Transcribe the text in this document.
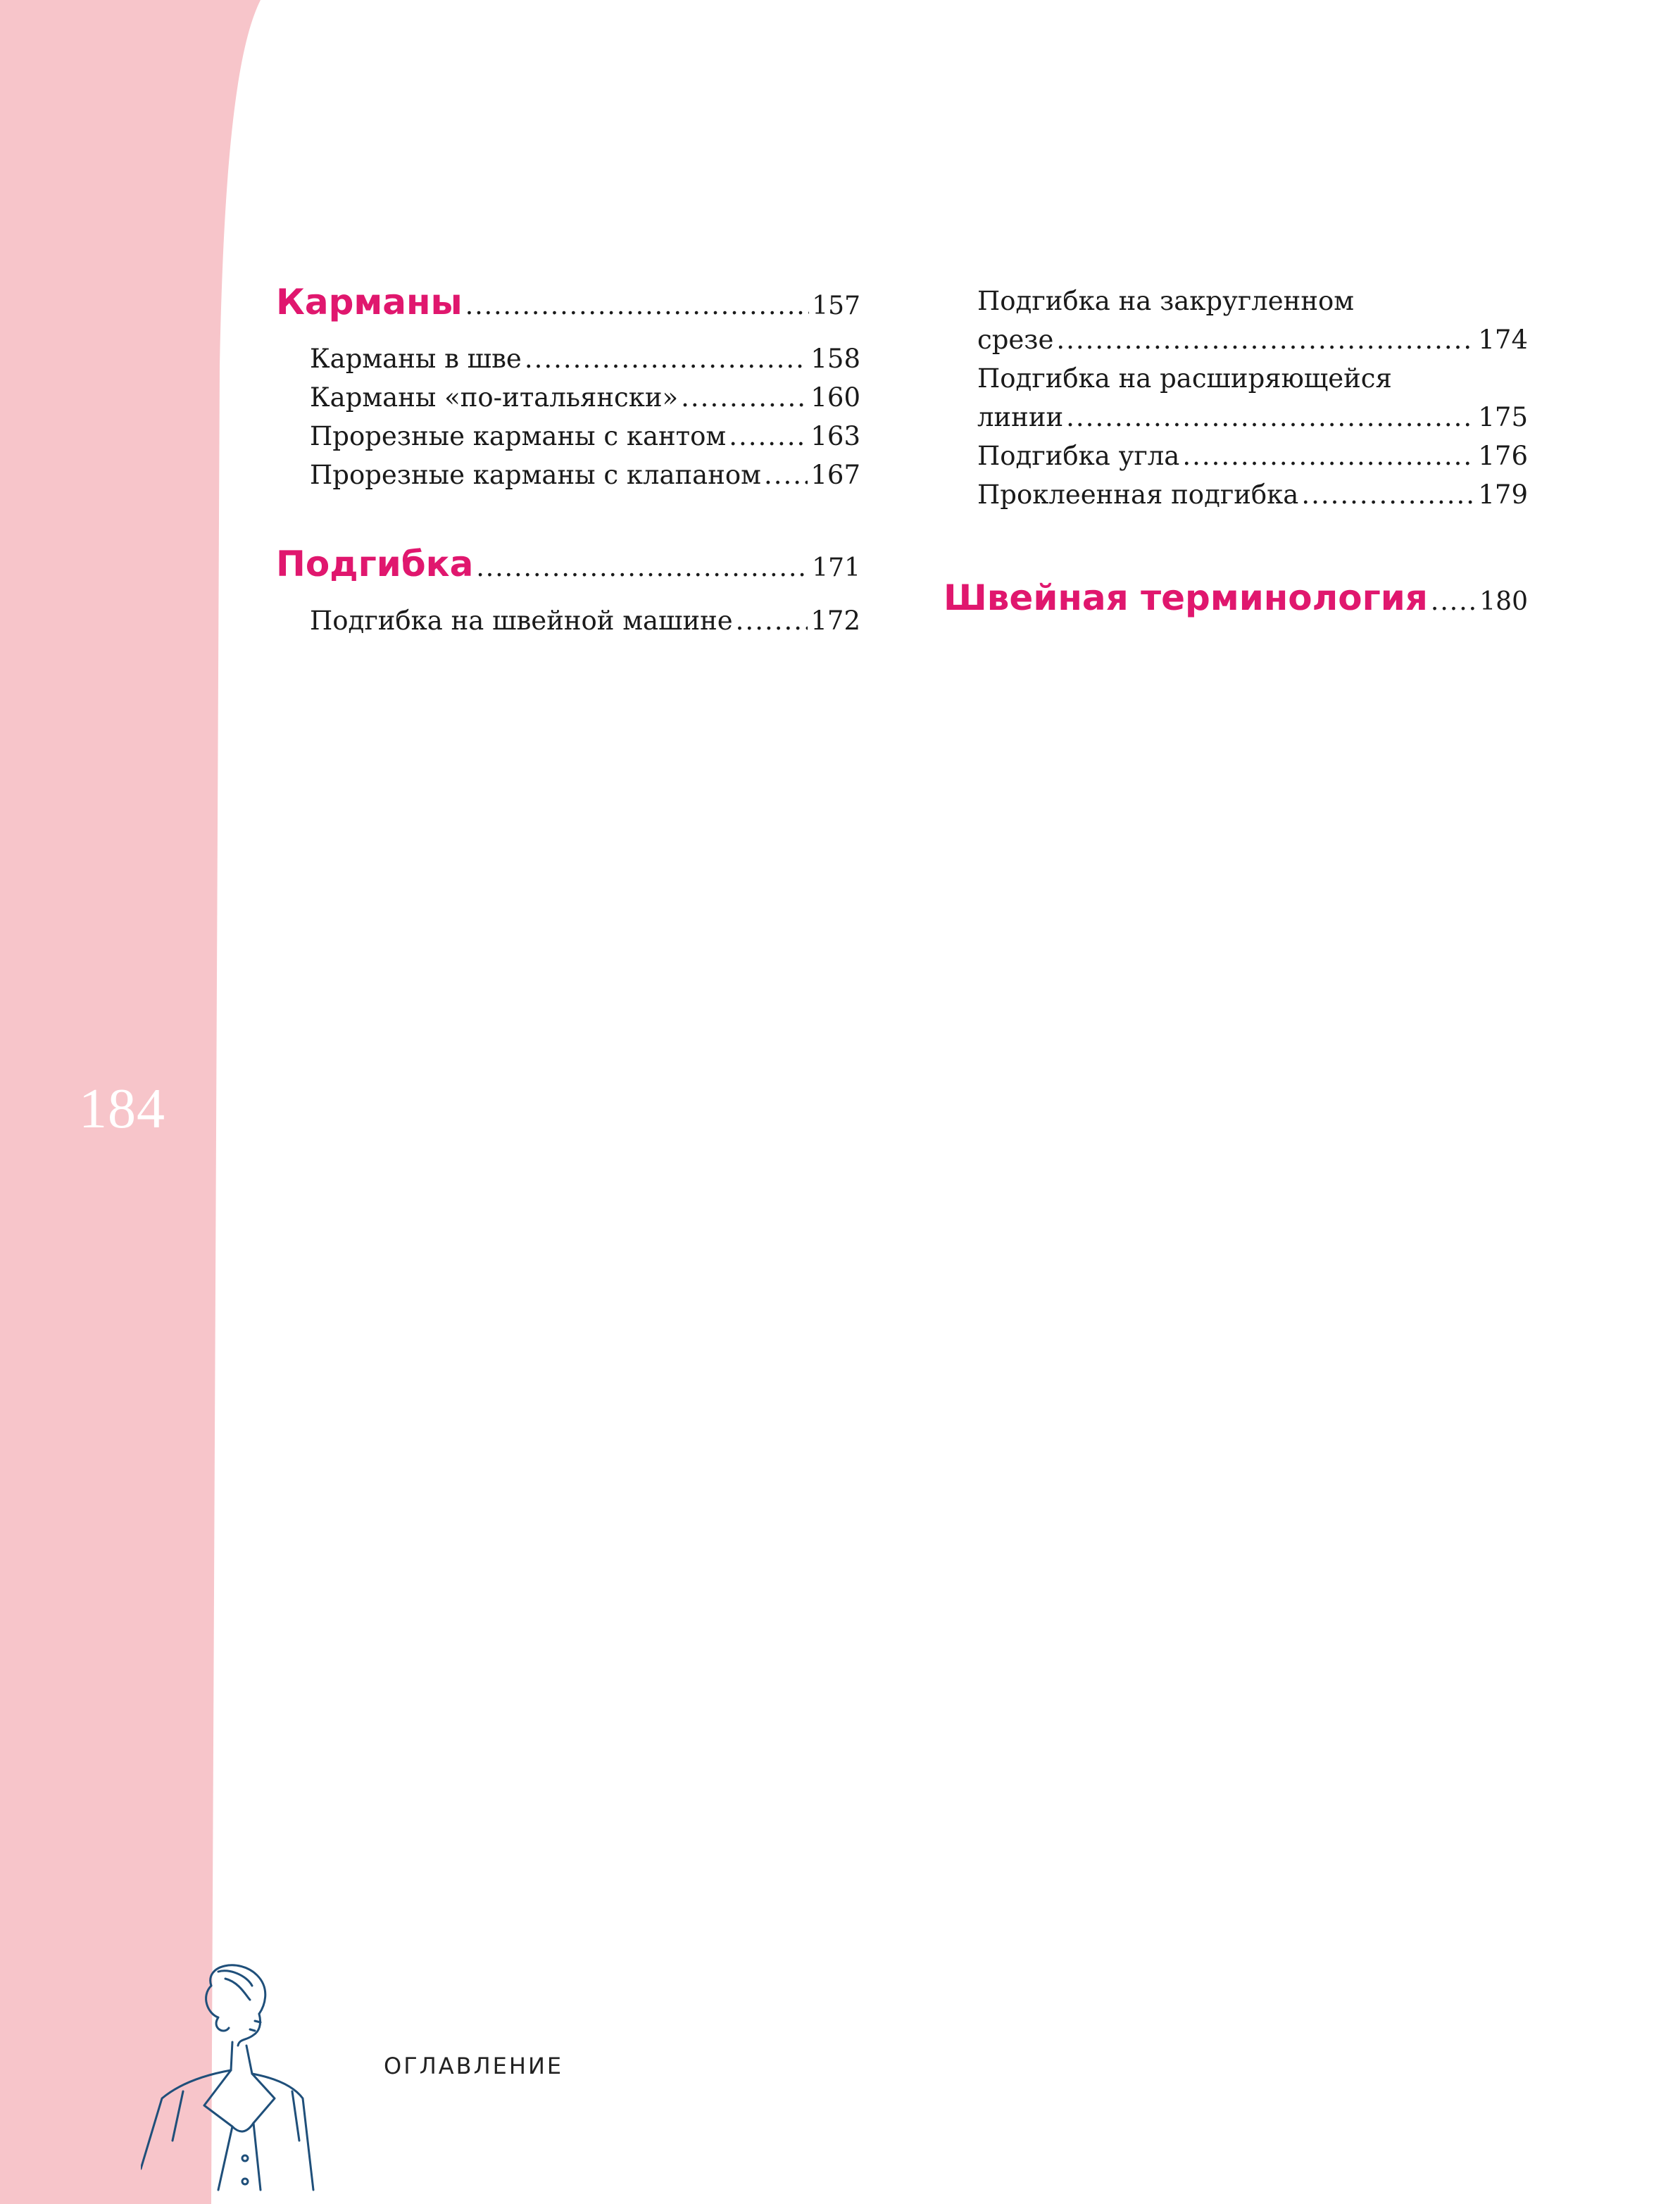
184
ОГЛАВЛЕНИЕ
Карманы .....	157
Карманы в шве .....	158
Карманы «по-итальянски» .....	160
Прорезные карманы с кантом .....	163
Прорезные карманы с клапаном ..... 167
Подгибка .....	171
Подгибка на швейной машине .....	172
Подгибка на закругленном
срезе .....	174
Подгибка на расширяющейся
линии .....	175
Подгибка угла .....	176
Проклеенная подгибка .....	179
Швейная терминология ..... 180
